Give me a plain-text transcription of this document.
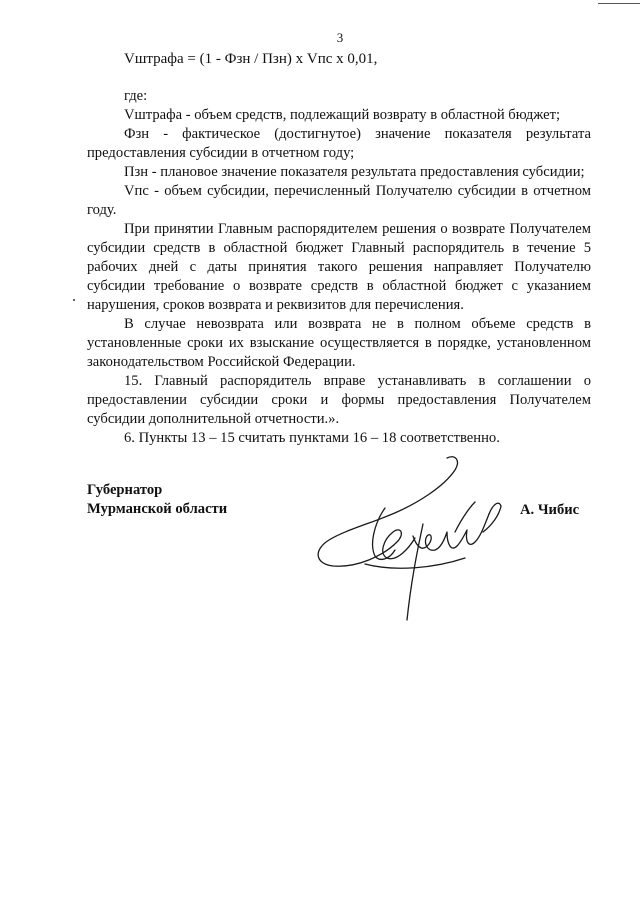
3
Vштрафа = (1 - Фзн / Пзн) х Vпс х 0,01,

где:

Vштрафа - объем средств, подлежащий возврату в областной бюджет;

Фзн - фактическое (достигнутое) значение показателя результата предоставления субсидии в отчетном году;

Пзн - плановое значение показателя результата предоставления субсидии;

Vпс - объем субсидии, перечисленный Получателю субсидии в отчетном году.

При принятии Главным распорядителем решения о возврате Получателем субсидии средств в областной бюджет Главный распорядитель в течение 5 рабочих дней с даты принятия такого решения направляет Получателю субсидии требование о возврате средств в областной бюджет с указанием нарушения, сроков возврата и реквизитов для перечисления.

В случае невозврата или возврата не в полном объеме средств в установленные сроки их взыскание осуществляется в порядке, установленном законодательством Российской Федерации.

15. Главный распорядитель вправе устанавливать в соглашении о предоставлении субсидии сроки и формы предоставления Получателем субсидии дополнительной отчетности.».

6. Пункты 13 – 15 считать пунктами 16 – 18 соответственно.

Губернатор
Мурманской области	А. Чибис
